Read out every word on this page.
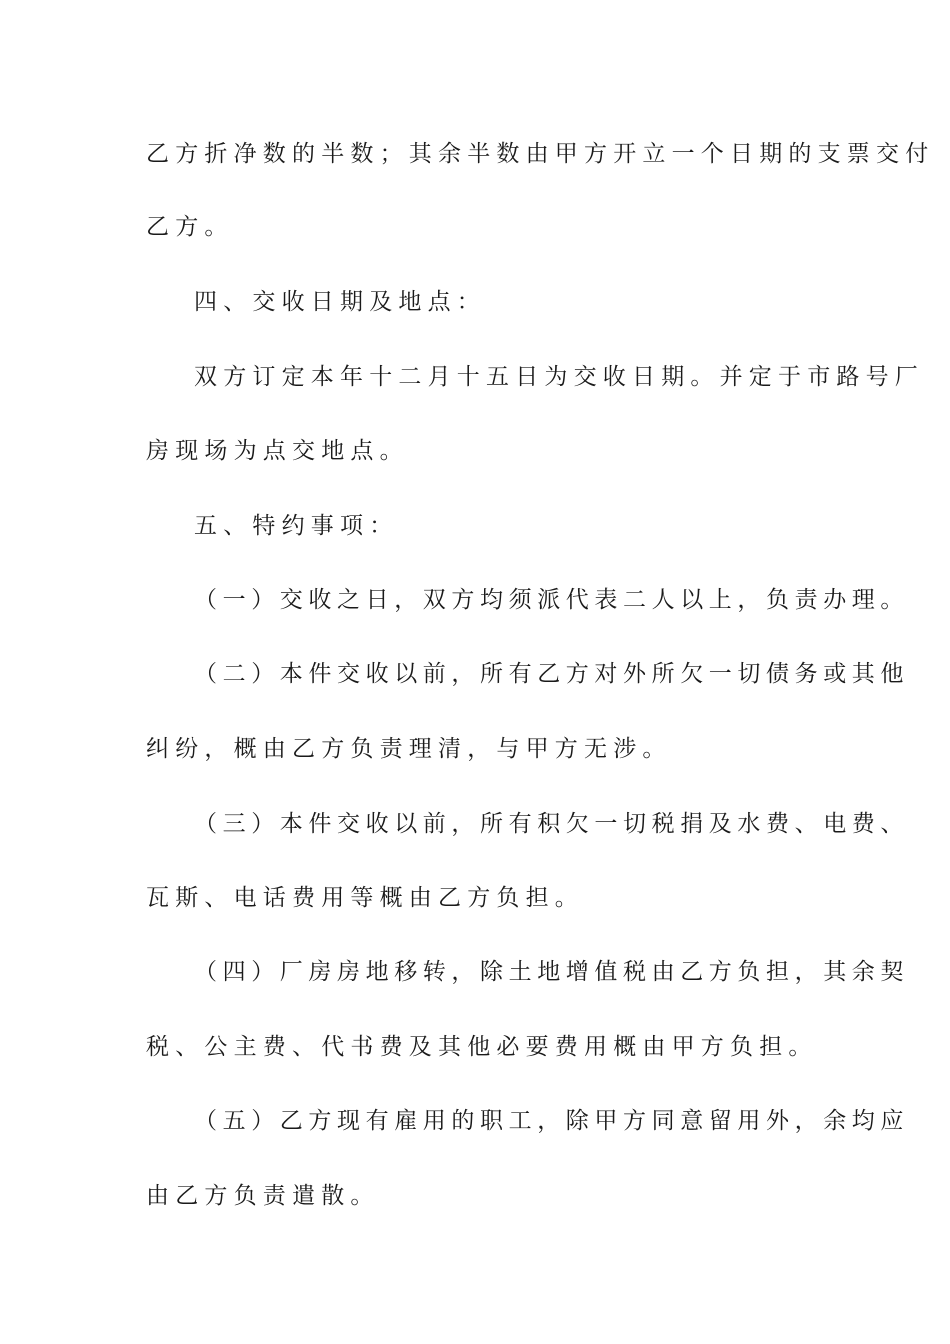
乙方折净数的半数；其余半数由甲方开立一个日期的支票交付
乙方。
四、交收日期及地点：
双方订定本年十二月十五日为交收日期。并定于市路号厂
房现场为点交地点。
五、特约事项：
（一）交收之日，双方均须派代表二人以上，负责办理。
（二）本件交收以前，所有乙方对外所欠一切债务或其他
纠纷，概由乙方负责理清，与甲方无涉。
（三）本件交收以前，所有积欠一切税捐及水费、电费、
瓦斯、电话费用等概由乙方负担。
（四）厂房房地移转，除土地增值税由乙方负担，其余契
税、公主费、代书费及其他必要费用概由甲方负担。
（五）乙方现有雇用的职工，除甲方同意留用外，余均应
由乙方负责遣散。
